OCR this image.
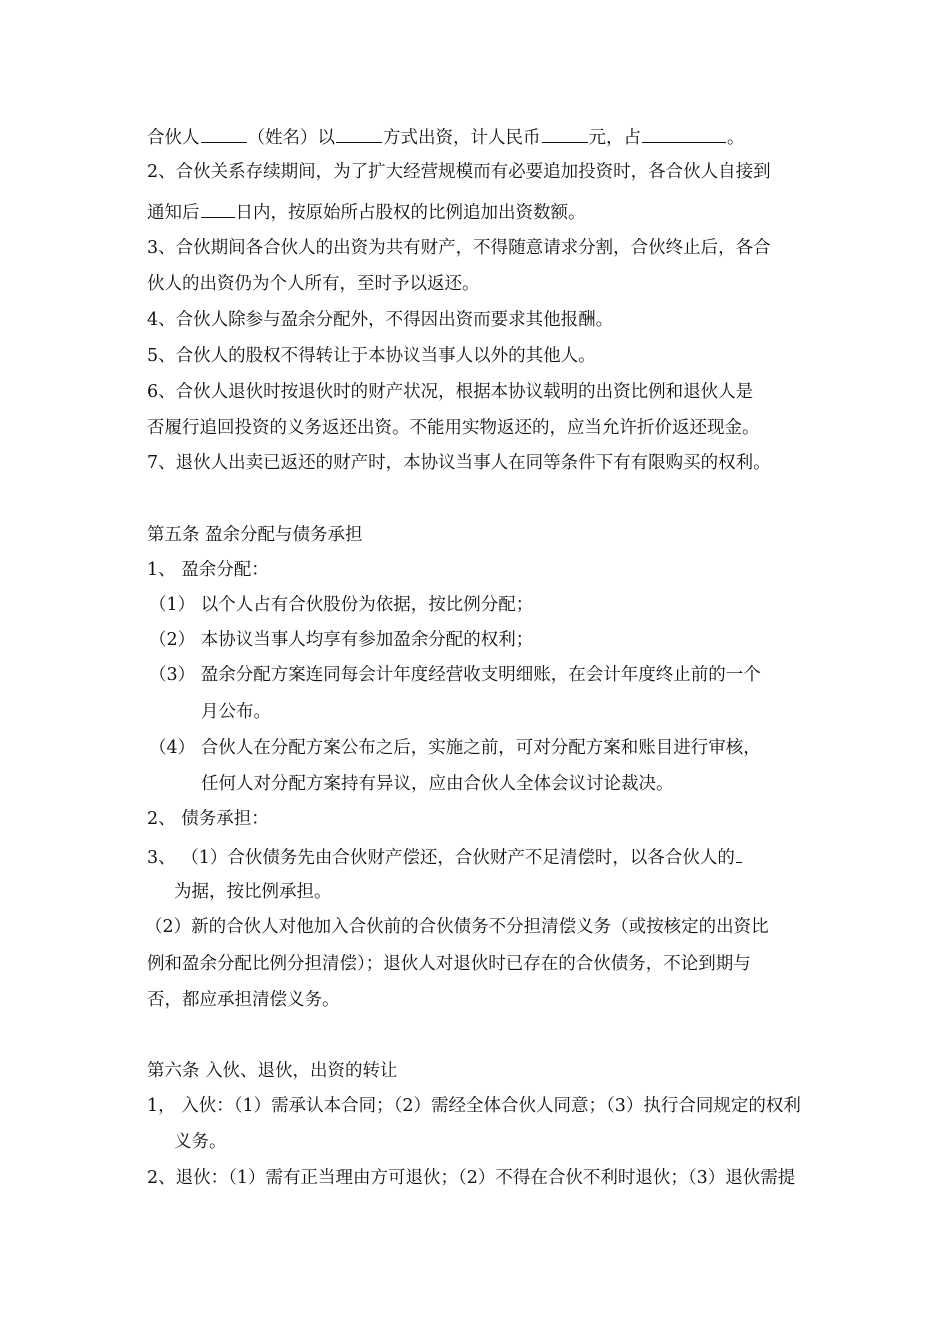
合伙人	（姓名）以	方式出资，计人民币	元，占	。
2、合伙关系存续期间，为了扩大经营规模而有必要追加投资时，各合伙人自接到
通知后 日内，按原始所占股权的比例追加出资数额。
3、合伙期间各合伙人的出资为共有财产，不得随意请求分割，合伙终止后，各合
伙人的出资仍为个人所有，至时予以返还。
4、合伙人除参与盈余分配外，不得因出资而要求其他报酬。
5、合伙人的股权不得转让于本协议当事人以外的其他人。
6、合伙人退伙时按退伙时的财产状况，根据本协议载明的出资比例和退伙人是
否履行追回投资的义务返还出资。不能用实物返还的，应当允许折价返还现金。
7、退伙人出卖已返还的财产时，本协议当事人在同等条件下有有限购买的权利。
第五条 盈余分配与债务承担
1、 盈余分配：
（1） 以个人占有合伙股份为依据，按比例分配；
（2） 本协议当事人均享有参加盈余分配的权利；
（3） 盈余分配方案连同每会计年度经营收支明细账，在会计年度终止前的一个
月公布。
（4） 合伙人在分配方案公布之后，实施之前，可对分配方案和账目进行审核，
任何人对分配方案持有异议，应由合伙人全体会议讨论裁决。
2、 债务承担：
3、 （1）合伙债务先由合伙财产偿还，合伙财产不足清偿时，以各合伙人的
为据，按比例承担。
（2）新的合伙人对他加入合伙前的合伙债务不分担清偿义务（或按核定的出资比
例和盈余分配比例分担清偿）；退伙人对退伙时已存在的合伙债务，不论到期与
否，都应承担清偿义务。
第六条 入伙、退伙，出资的转让
1， 入伙：（1）需承认本合同；（2）需经全体合伙人同意；（3）执行合同规定的权利
义务。
2、退伙：（1）需有正当理由方可退伙；（2）不得在合伙不利时退伙；（3）退伙需提
